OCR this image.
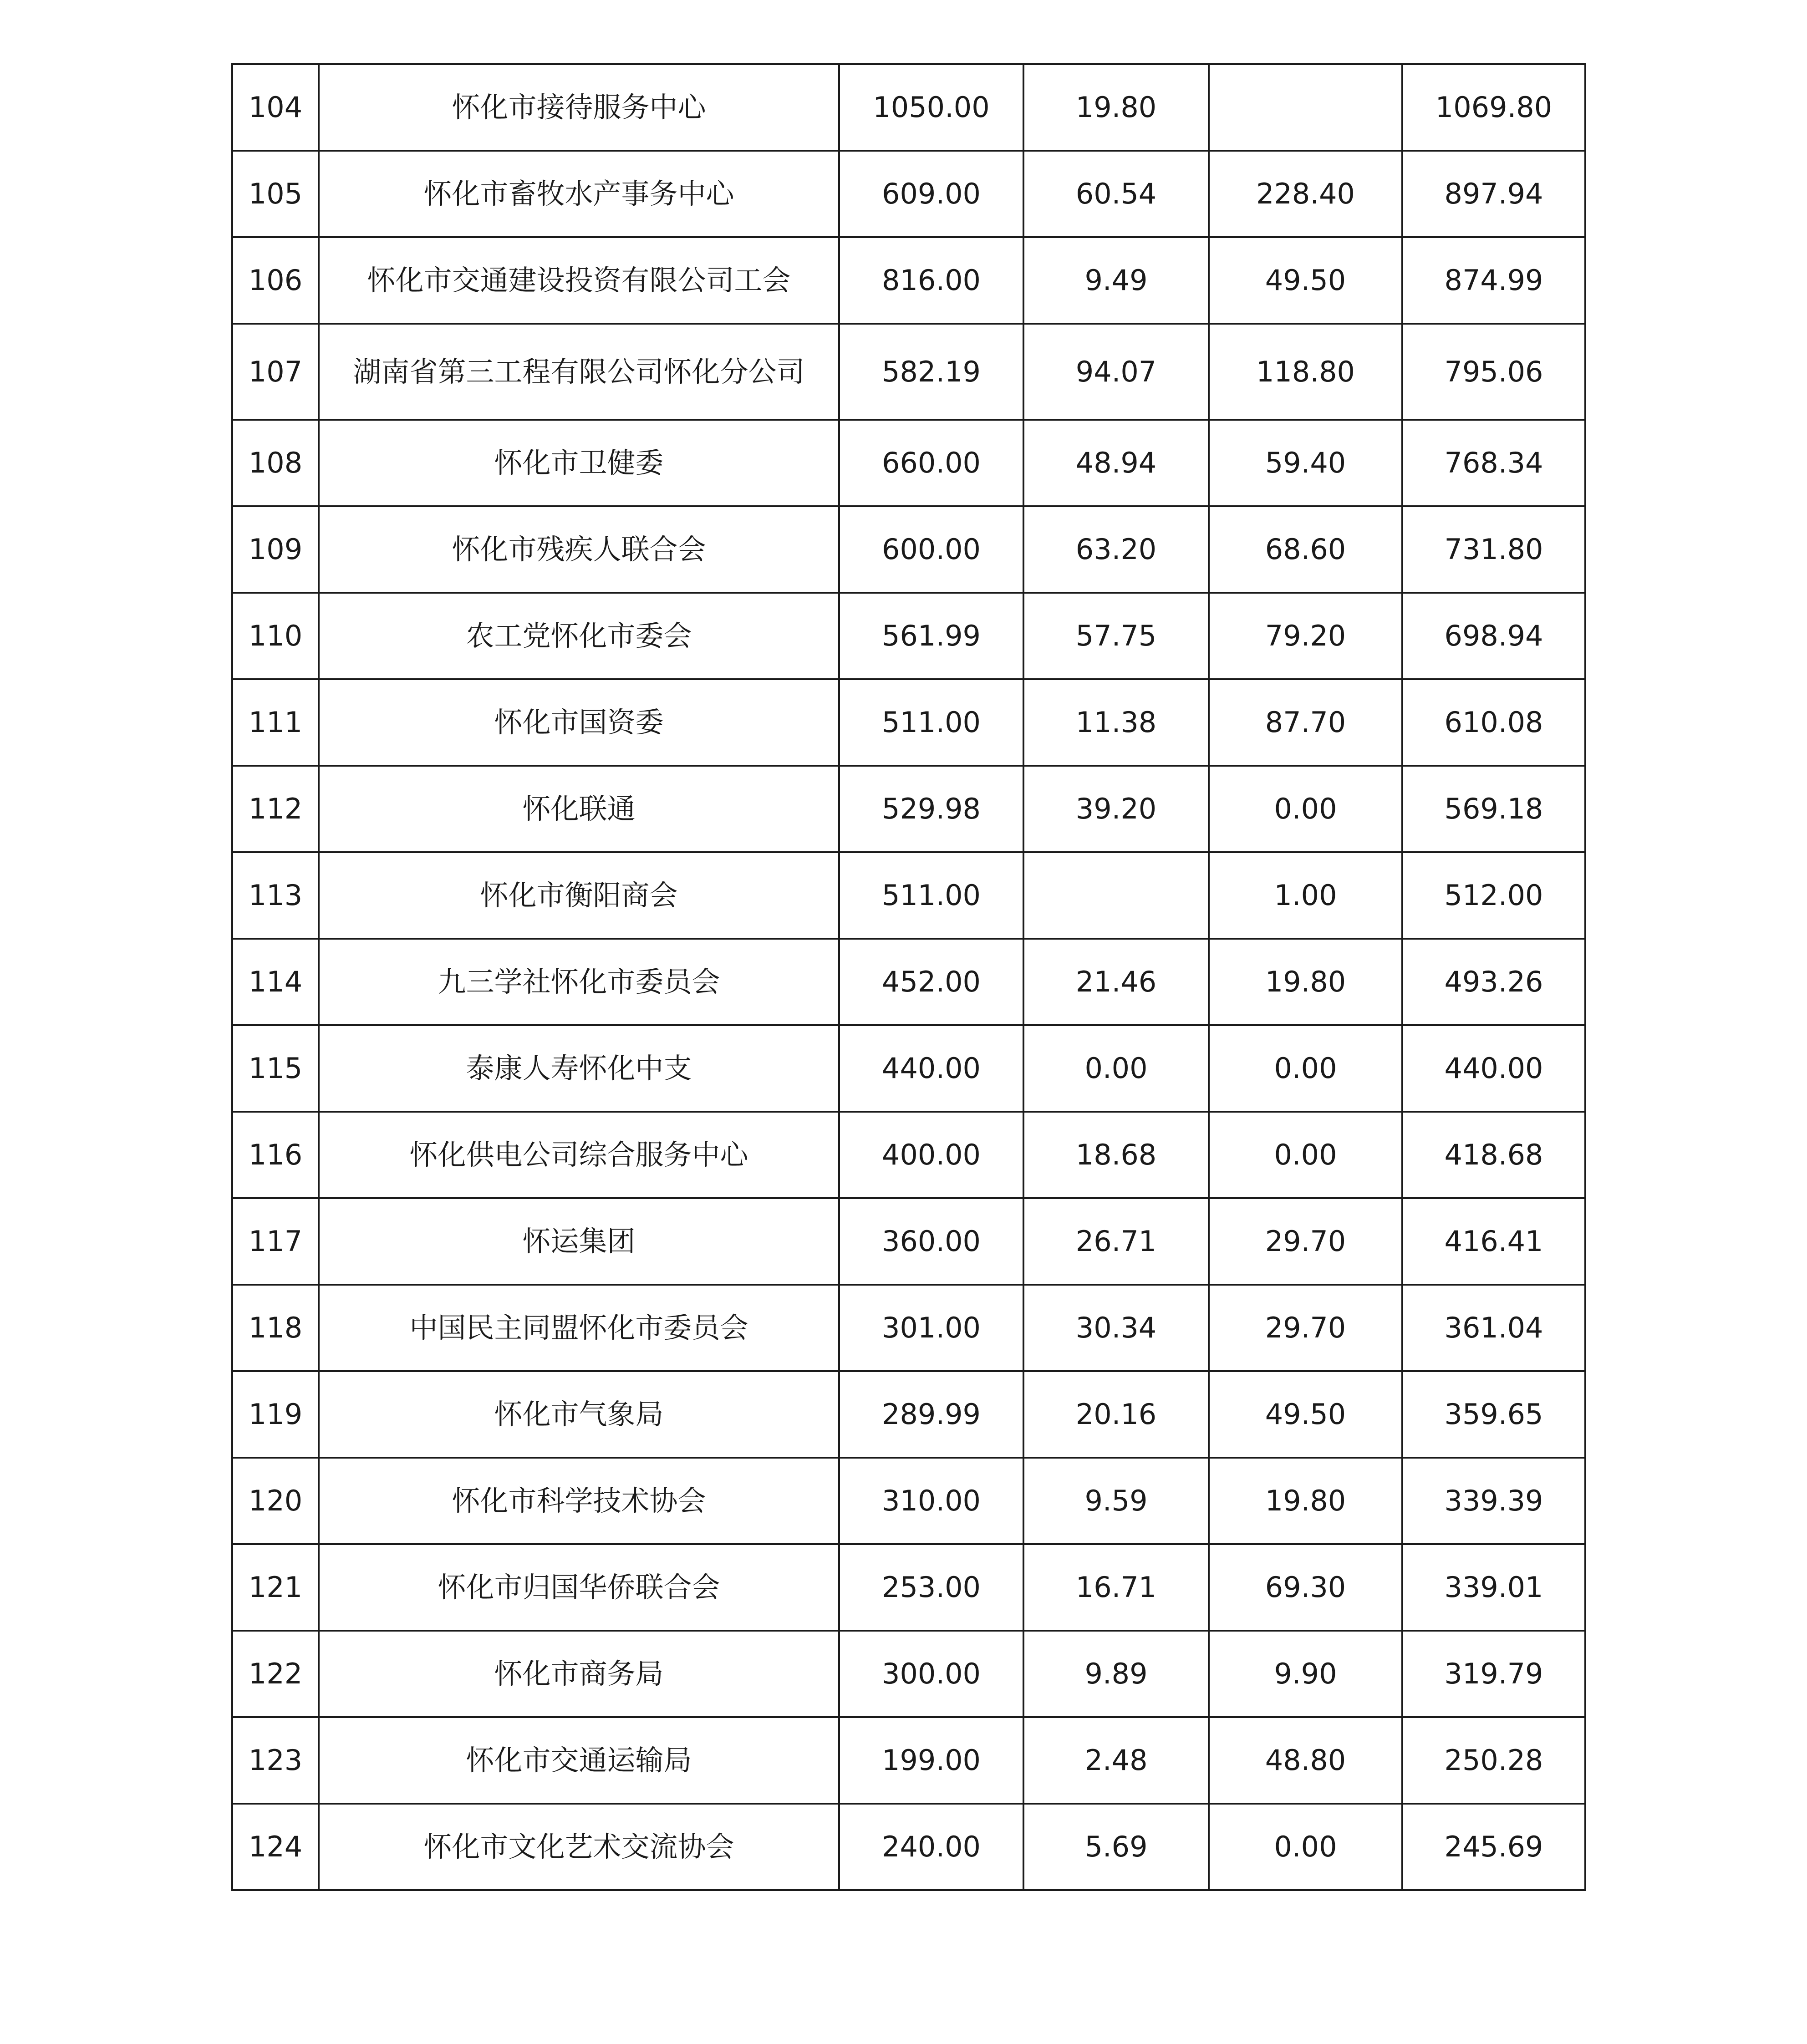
104	怀化市接待服务中心	1050.00	19.80		1069.80
105	怀化市畜牧水产事务中心	609.00	60.54	228.40	897.94
106	怀化市交通建设投资有限公司工会	816.00	9.49	49.50	874.99
107	湖南省第三工程有限公司怀化分公司	582.19	94.07	118.80	795.06
108	怀化市卫健委	660.00	48.94	59.40	768.34
109	怀化市残疾人联合会	600.00	63.20	68.60	731.80
110	农工党怀化市委会	561.99	57.75	79.20	698.94
111	怀化市国资委	511.00	11.38	87.70	610.08
112	怀化联通	529.98	39.20	0.00	569.18
113	怀化市衡阳商会	511.00		1.00	512.00
114	九三学社怀化市委员会	452.00	21.46	19.80	493.26
115	泰康人寿怀化中支	440.00	0.00	0.00	440.00
116	怀化供电公司综合服务中心	400.00	18.68	0.00	418.68
117	怀运集团	360.00	26.71	29.70	416.41
118	中国民主同盟怀化市委员会	301.00	30.34	29.70	361.04
119	怀化市气象局	289.99	20.16	49.50	359.65
120	怀化市科学技术协会	310.00	9.59	19.80	339.39
121	怀化市归国华侨联合会	253.00	16.71	69.30	339.01
122	怀化市商务局	300.00	9.89	9.90	319.79
123	怀化市交通运输局	199.00	2.48	48.80	250.28
124	怀化市文化艺术交流协会	240.00	5.69	0.00	245.69
